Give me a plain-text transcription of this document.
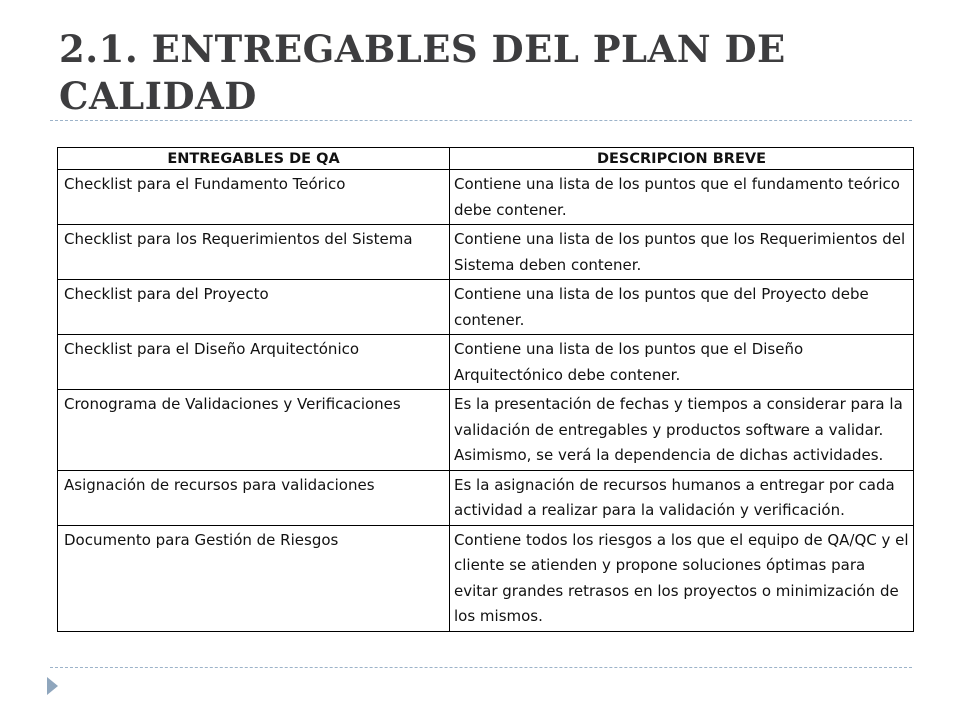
2.1. ENTREGABLES DEL PLAN DE CALIDAD
ENTREGABLES DE QA	DESCRIPCION BREVE
Checklist para el Fundamento Teórico	Contiene una lista de los puntos que el fundamento teórico debe contener.
Checklist para los Requerimientos del Sistema	Contiene una lista de los puntos que los Requerimientos del Sistema deben contener.
Checklist para del Proyecto	Contiene una lista de los puntos que del Proyecto debe contener.
Checklist para el Diseño Arquitectónico	Contiene una lista de los puntos que el Diseño Arquitectónico debe contener.
Cronograma de Validaciones y Verificaciones	Es la presentación de fechas y tiempos a considerar para la validación de entregables y productos software a validar. Asimismo, se verá la dependencia de dichas actividades.
Asignación de recursos para validaciones	Es la asignación de recursos humanos a entregar por cada actividad a realizar para la validación y verificación.
Documento para Gestión de Riesgos	Contiene todos los riesgos a los que el equipo de QA/QC y el cliente se atienden y propone soluciones óptimas para evitar grandes retrasos en los proyectos o minimización de los mismos.
